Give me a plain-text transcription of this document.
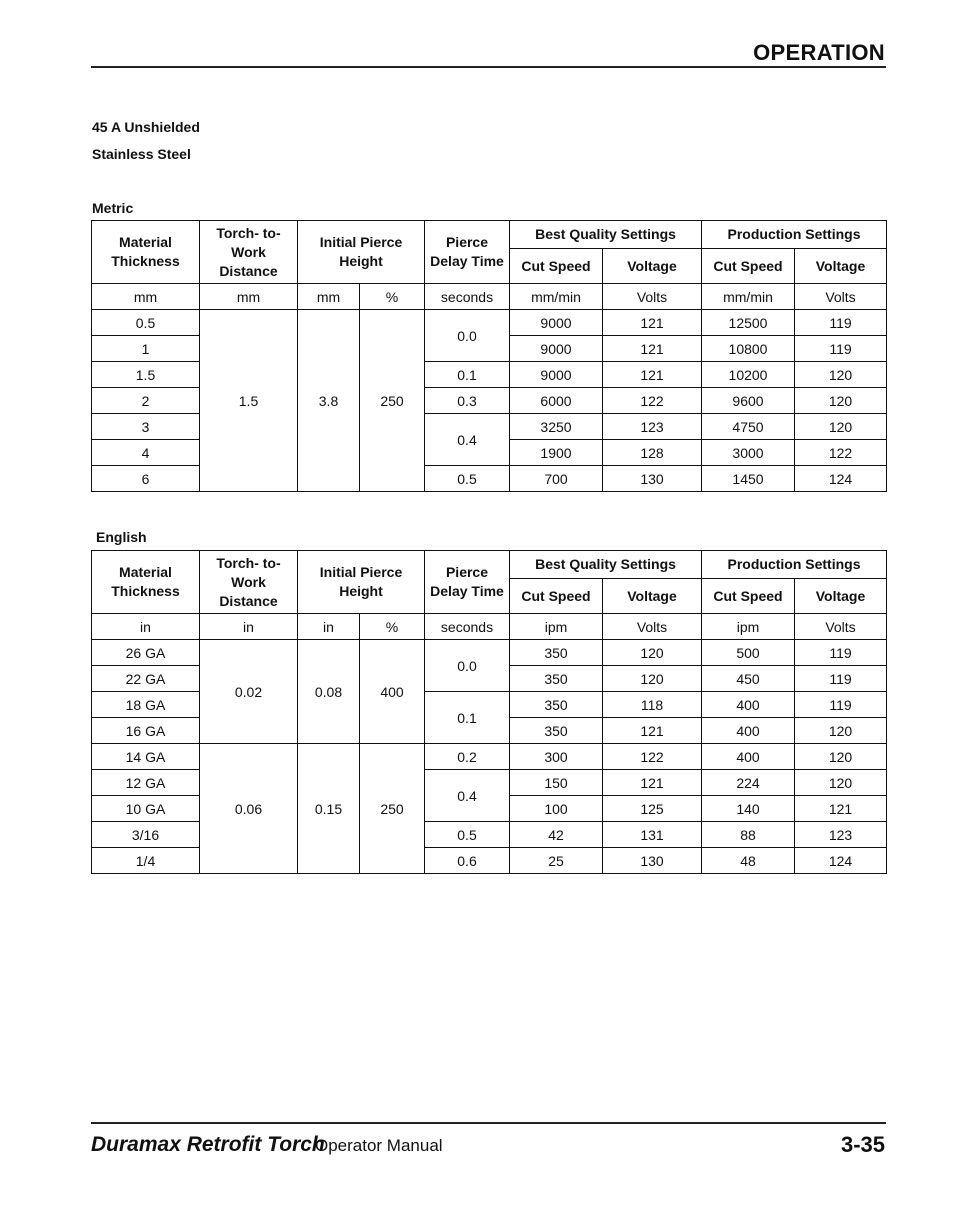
OPERATION
45 A Unshielded
Stainless Steel
Metric
Material Thickness	Torch- to-Work Distance	Initial Pierce Height		Pierce Delay Time	Best Quality Settings		Production Settings	
					Cut Speed	Voltage	Cut Speed	Voltage
mm	mm	mm	%	seconds	mm/min	Volts	mm/min	Volts
0.5	1.5	3.8	250	0.0	9000	121	12500	119
1					9000	121	10800	119
1.5				0.1	9000	121	10200	120
2				0.3	6000	122	9600	120
3				0.4	3250	123	4750	120
4					1900	128	3000	122
6				0.5	700	130	1450	124
English
Material Thickness	Torch- to-Work Distance	Initial Pierce Height		Pierce Delay Time	Best Quality Settings		Production Settings	
					Cut Speed	Voltage	Cut Speed	Voltage
in	in	in	%	seconds	ipm	Volts	ipm	Volts
26 GA	0.02	0.08	400	0.0	350	120	500	119
22 GA					350	120	450	119
18 GA				0.1	350	118	400	119
16 GA					350	121	400	120
14 GA	0.06	0.15	250	0.2	300	122	400	120
12 GA				0.4	150	121	224	120
10 GA					100	125	140	121
3/16				0.5	42	131	88	123
1/4				0.6	25	130	48	124
Duramax Retrofit Torch
Operator Manual	3-35
